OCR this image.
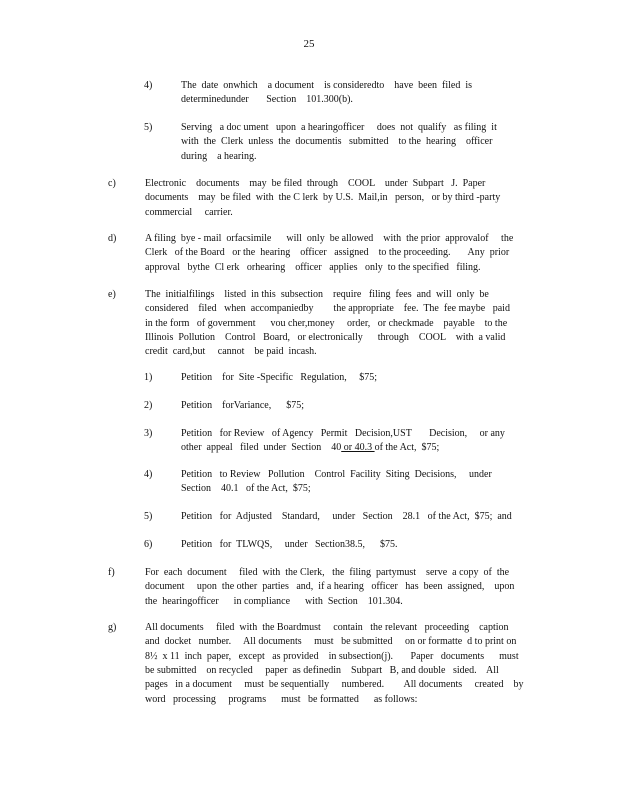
25
4)	The  date  onwhich    a document    is consideredto    have  been  filed  is
determinedunder       Section    101.300(b).
5)	Serving   a doc ument   upon  a hearingofficer     does  not  qualify   as filing  it
with  the  Clerk  unless  the  documentis   submitted    to the  hearing    officer
during    a hearing.
c)	Electronic    documents    may  be filed  through    COOL    under  Subpart   J.  Paper
documents    may  be filed  with  the C lerk  by U.S.  Mail,in   person,   or by third -party
commercial     carrier.
d)	A filing  bye - mail  orfacsimile      will  only  be allowed    with  the prior  approvalof     the
Clerk   of the Board   or the  hearing    officer   assigned    to the proceeding.       Any  prior
approval   bythe  Cl erk   orhearing    officer   applies   only  to the specified   filing.
e)	The  initialfilings    listed  in this  subsection    require   filing  fees  and  will  only  be
considered    filed   when  accompaniedby        the appropriate    fee.  The  fee maybe   paid
in the form   of government      vou cher,money     order,   or checkmade    payable    to the
Illinois  Pollution    Control   Board,   or electronically      through    COOL    with  a valid
credit  card,but     cannot    be paid  incash.
1)	Petition    for  Site -Specific   Regulation,     $75;
2)	Petition    forVariance,      $75;
3)	Petition   for Review   of Agency   Permit   Decision,UST       Decision,     or any
other  appeal   filed  under  Section    40 or 40.3 of the Act,  $75;
4)	Petition   to Review   Pollution    Control  Facility  Siting  Decisions,     under
Section    40.1   of the Act,  $75;
5)	Petition   for  Adjusted    Standard,     under   Section    28.1   of the Act,  $75;  and
6)	Petition   for  TLWQS,     under   Section38.5,      $75.
f)	For  each  document     filed  with  the Clerk,   the  filing  partymust    serve  a copy  of  the
document     upon  the other  parties   and,  if a hearing   officer   has  been  assigned,    upon
the  hearingofficer      in compliance      with  Section    101.304.
g)	All documents     filed  with  the Boardmust     contain   the relevant   proceeding    caption
and  docket   number.     All documents     must   be submitted     on or formatte  d to print on
8½  x 11  inch  paper,   except   as provided    in subsection(j).       Paper   documents      must
be submitted    on recycled     paper  as definedin    Subpart   B, and double   sided.    All
pages   in a document     must  be sequentially     numbered.        All documents     created    by
word   processing     programs      must   be formatted      as follows:
